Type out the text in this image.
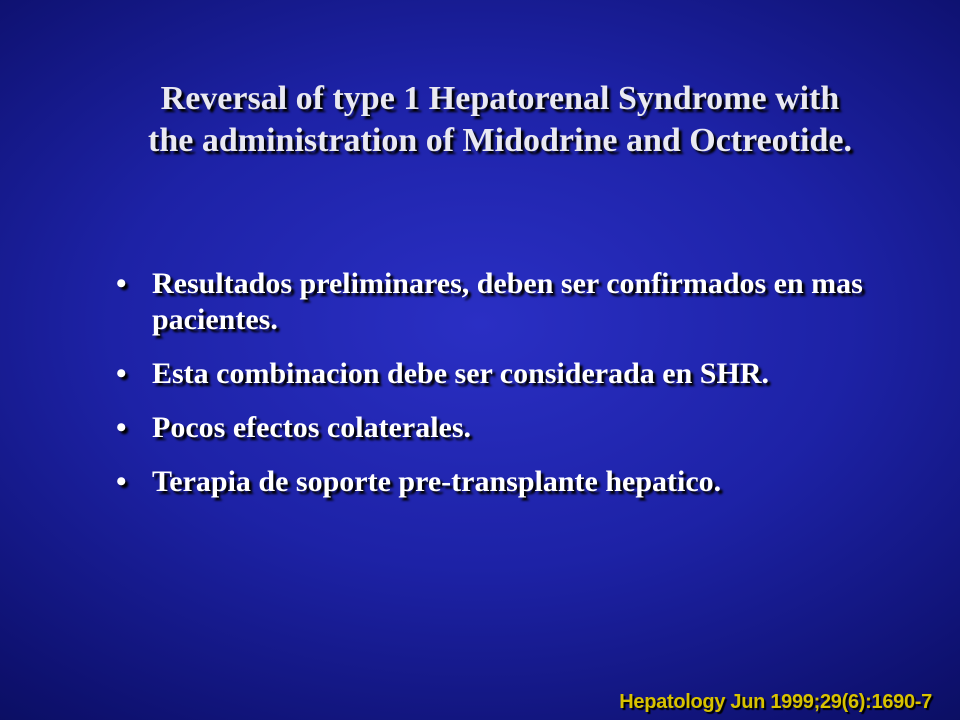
Reversal of type 1 Hepatorenal Syndrome with
the administration of Midodrine and Octreotide.
• Resultados preliminares, deben ser confirmados en mas pacientes.
• Esta combinacion debe ser considerada en SHR.
• Pocos efectos colaterales.
• Terapia de soporte pre-transplante hepatico.
Hepatology Jun 1999;29(6):1690-7
